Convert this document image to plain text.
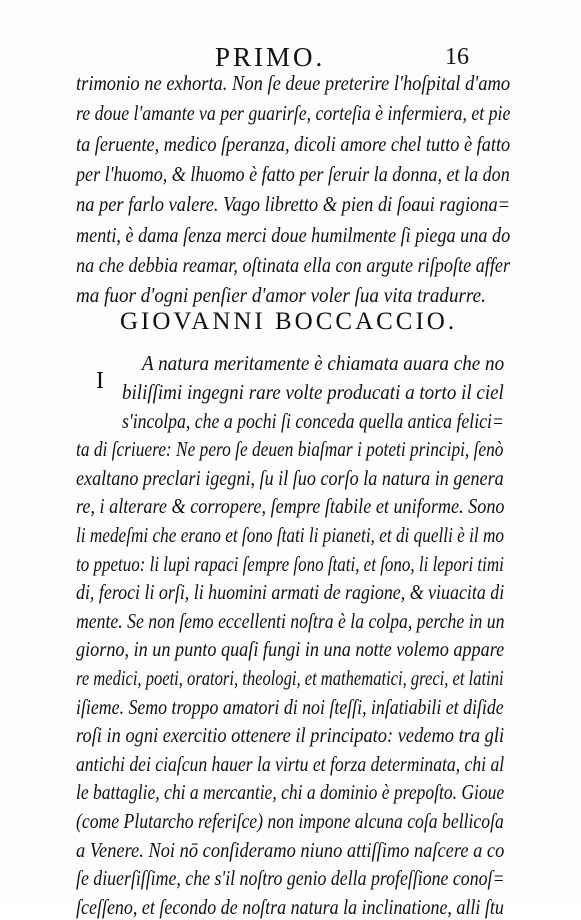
PRIMO.	16
trimonio ne exhorta. Non ſe deue preterire l'hoſpital d'amo
re doue l'amante va per guarirſe, corteſia è infermiera, et pie
ta ſeruente, medico ſperanza, dicoli amore chel tutto è fatto
per l'huomo, & lhuomo è fatto per ſeruir la donna, et la don
na per farlo valere. Vago libretto & pien di ſoaui ragiona=
menti, è dama ſenza merci doue humilmente ſi piega una do
na che debbia reamar, oſtinata ella con argute riſpoſte affer
ma fuor d'ogni penſier d'amor voler ſua vita tradurre.
GIOVANNI BOCCACCIO.
I
A natura meritamente è chiamata auara che no
biliſſimi ingegni rare volte producati a torto il ciel
s'incolpa, che a pochi ſi conceda quella antica felici=
ta di ſcriuere: Ne pero ſe deuen biaſmar i poteti principi, ſenò
exaltano preclari igegni, ſu il ſuo corſo la natura in genera
re, i alterare & corropere, ſempre ſtabile et uniforme. Sono
li medeſmi che erano et ſono ſtati li pianeti, et di quelli è il mo
to ppetuo: li lupi rapaci ſempre ſono ſtati, et ſono, li lepori timi
di, feroci li orſi, li huomini armati de ragione, & viuacita di
mente. Se non ſemo eccellenti noſtra è la colpa, perche in un
giorno, in un punto quaſi fungi in una notte volemo appare
re medici, poeti, oratori, theologi, et mathematici, greci, et latini
iſieme. Semo troppo amatori di noi ſteſſi, inſatiabili et diſide
roſi in ogni exercitio ottenere il principato: vedemo tra gli
antichi dei ciaſcun hauer la virtu et forza determinata, chi al
le battaglie, chi a mercantie, chi a dominio è prepoſto. Gioue
(come Plutarcho referiſce) non impone alcuna coſa bellicoſa
a Venere. Noi nō conſideramo niuno attiſſimo naſcere a co
ſe diuerſiſſime, che s'il noſtro genio della profeſſione conoſ=
ſceſſeno, et ſecondo de noſtra natura la inclinatione, alli ſtu
